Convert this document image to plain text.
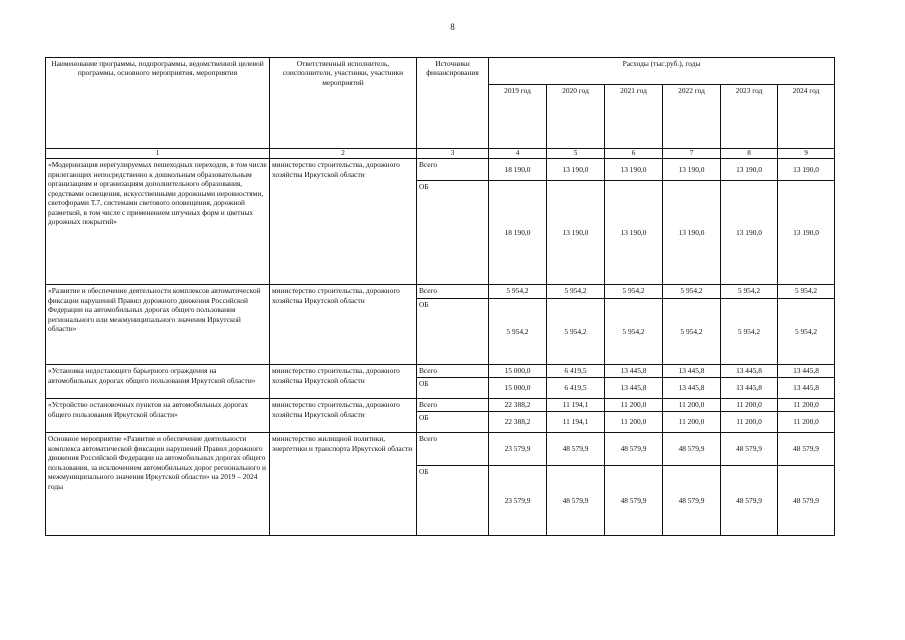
8
Наименование программы, подпрограммы, ведомственной целевой программы, основного мероприятия, мероприятия	Ответственный исполнитель, соисполнители, участники, участники мероприятий	Источники финансирования	Расходы (тыс.руб.), годы					
			2019 год	2020 год	2021 год	2022 год	2023 год	2024 год
1	2	3	4	5	6	7	8	9
«Модернизация нерегулируемых пешеходных переходов, в том числе прилегающих непосредственно к дошкольным образовательным организациям и организациям дополнительного образования, средствами освещения, искусственными дорожными неровностями, светофорами Т.7, системами светового оповещения, дорожной разметкой, в том числе с применением штучных форм и цветных дорожных покрытий»	министерство строительства, дорожного хозяйства Иркутской области	Всего	18 190,0	13 190,0	13 190,0	13 190,0	13 190,0	13 190,0
		ОБ	18 190,0	13 190,0	13 190,0	13 190,0	13 190,0	13 190,0
«Развитие и обеспечение деятельности комплексов автоматической фиксации нарушений Правил дорожного движения Российской Федерации на автомобильных дорогах общего пользования регионального или межмуниципального значения Иркутской области»	министерство строительства, дорожного хозяйства Иркутской области	Всего	5 954,2	5 954,2	5 954,2	5 954,2	5 954,2	5 954,2
		ОБ	5 954,2	5 954,2	5 954,2	5 954,2	5 954,2	5 954,2
«Установка недостающего барьерного ограждения на автомобильных дорогах общего пользования Иркутской области»	министерство строительства, дорожного хозяйства Иркутской области	Всего	15 000,0	6 419,5	13 445,8	13 445,8	13 445,8	13 445,8
		ОБ	15 000,0	6 419,5	13 445,8	13 445,8	13 445,8	13 445,8
«Устройство остановочных пунктов на автомобильных дорогах общего пользования Иркутской области»	министерство строительства, дорожного хозяйства Иркутской области	Всего	22 388,2	11 194,1	11 200,0	11 200,0	11 200,0	11 200,0
		ОБ	22 388,2	11 194,1	11 200,0	11 200,0	11 200,0	11 200,0
Основное мероприятие «Развитие и обеспечение деятельности комплекса автоматической фиксации нарушений Правил дорожного движения Российской Федерации на автомобильных дорогах общего пользования, за исключением автомобильных дорог регионального и межмуниципального значения Иркутской области» на 2019 – 2024 годы	министерство жилищной политики, энергетики и транспорта Иркутской области	Всего	23 579,9	48 579,9	48 579,9	48 579,9	48 579,9	48 579,9
		ОБ	23 579,9	48 579,9	48 579,9	48 579,9	48 579,9	48 579,9
